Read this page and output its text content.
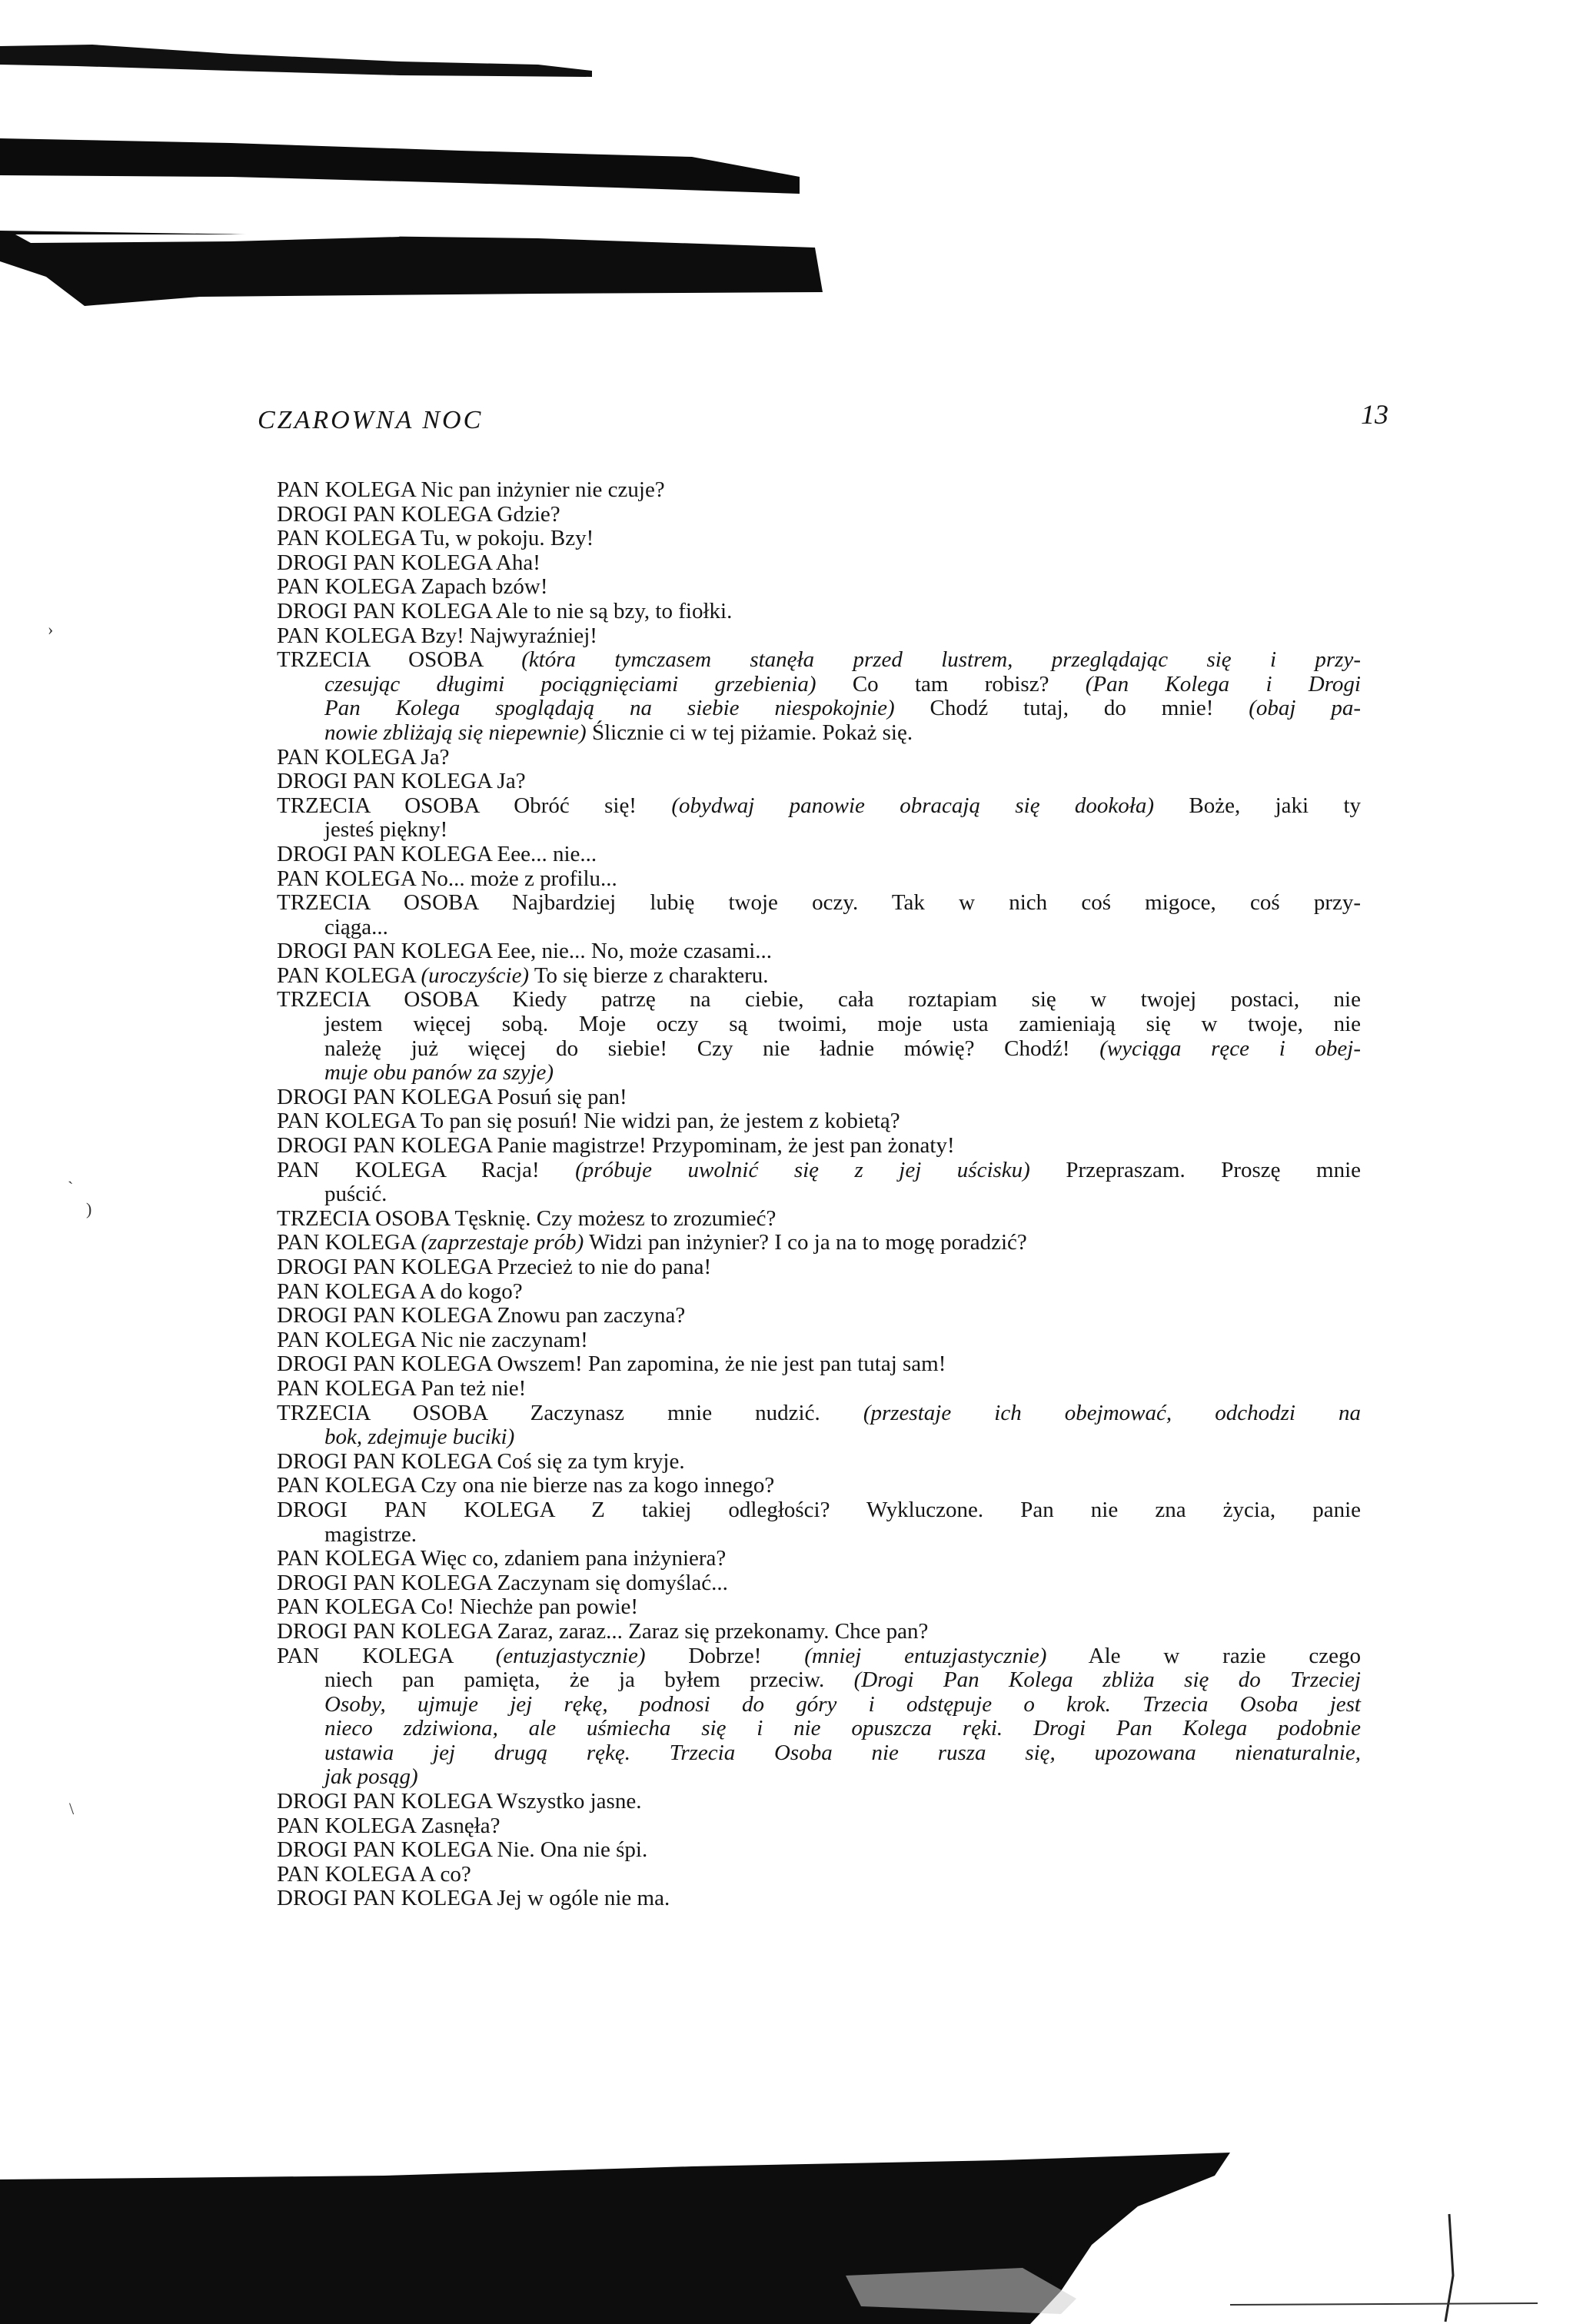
CZAROWNA NOC	13
›
)
`
\
PAN KOLEGA Nic pan inżynier nie czuje?
DROGI PAN KOLEGA Gdzie?
PAN KOLEGA Tu, w pokoju. Bzy!
DROGI PAN KOLEGA Aha!
PAN KOLEGA Zapach bzów!
DROGI PAN KOLEGA Ale to nie są bzy, to fiołki.
PAN KOLEGA Bzy! Najwyraźniej!
TRZECIA OSOBA (która tymczasem stanęła przed lustrem, przeglądając się i przy-
czesując długimi pociągnięciami grzebienia) Co tam robisz? (Pan Kolega i Drogi
Pan Kolega spoglądają na siebie niespokojnie) Chodź tutaj, do mnie! (obaj pa-
nowie zbliżają się niepewnie) Ślicznie ci w tej piżamie. Pokaż się.
PAN KOLEGA Ja?
DROGI PAN KOLEGA Ja?
TRZECIA OSOBA Obróć się! (obydwaj panowie obracają się dookoła) Boże, jaki ty
jesteś piękny!
DROGI PAN KOLEGA Eee... nie...
PAN KOLEGA No... może z profilu...
TRZECIA OSOBA Najbardziej lubię twoje oczy. Tak w nich coś migoce, coś przy-
ciąga...
DROGI PAN KOLEGA Eee, nie... No, może czasami...
PAN KOLEGA (uroczyście) To się bierze z charakteru.
TRZECIA OSOBA Kiedy patrzę na ciebie, cała roztapiam się w twojej postaci, nie
jestem więcej sobą. Moje oczy są twoimi, moje usta zamieniają się w twoje, nie
należę już więcej do siebie! Czy nie ładnie mówię? Chodź! (wyciąga ręce i obej-
muje obu panów za szyje)
DROGI PAN KOLEGA Posuń się pan!
PAN KOLEGA To pan się posuń! Nie widzi pan, że jestem z kobietą?
DROGI PAN KOLEGA Panie magistrze! Przypominam, że jest pan żonaty!
PAN KOLEGA Racja! (próbuje uwolnić się z jej uścisku) Przepraszam. Proszę mnie
puścić.
TRZECIA OSOBA Tęsknię. Czy możesz to zrozumieć?
PAN KOLEGA (zaprzestaje prób) Widzi pan inżynier? I co ja na to mogę poradzić?
DROGI PAN KOLEGA Przecież to nie do pana!
PAN KOLEGA A do kogo?
DROGI PAN KOLEGA Znowu pan zaczyna?
PAN KOLEGA Nic nie zaczynam!
DROGI PAN KOLEGA Owszem! Pan zapomina, że nie jest pan tutaj sam!
PAN KOLEGA Pan też nie!
TRZECIA OSOBA Zaczynasz mnie nudzić. (przestaje ich obejmować, odchodzi na
bok, zdejmuje buciki)
DROGI PAN KOLEGA Coś się za tym kryje.
PAN KOLEGA Czy ona nie bierze nas za kogo innego?
DROGI PAN KOLEGA Z takiej odległości? Wykluczone. Pan nie zna życia, panie
magistrze.
PAN KOLEGA Więc co, zdaniem pana inżyniera?
DROGI PAN KOLEGA Zaczynam się domyślać...
PAN KOLEGA Co! Niechże pan powie!
DROGI PAN KOLEGA Zaraz, zaraz... Zaraz się przekonamy. Chce pan?
PAN KOLEGA (entuzjastycznie) Dobrze! (mniej entuzjastycznie) Ale w razie czego
niech pan pamięta, że ja byłem przeciw. (Drogi Pan Kolega zbliża się do Trzeciej
Osoby, ujmuje jej rękę, podnosi do góry i odstępuje o krok. Trzecia Osoba jest
nieco zdziwiona, ale uśmiecha się i nie opuszcza ręki. Drogi Pan Kolega podobnie
ustawia jej drugą rękę. Trzecia Osoba nie rusza się, upozowana nienaturalnie,
jak posąg)
DROGI PAN KOLEGA Wszystko jasne.
PAN KOLEGA Zasnęła?
DROGI PAN KOLEGA Nie. Ona nie śpi.
PAN KOLEGA A co?
DROGI PAN KOLEGA Jej w ogóle nie ma.
